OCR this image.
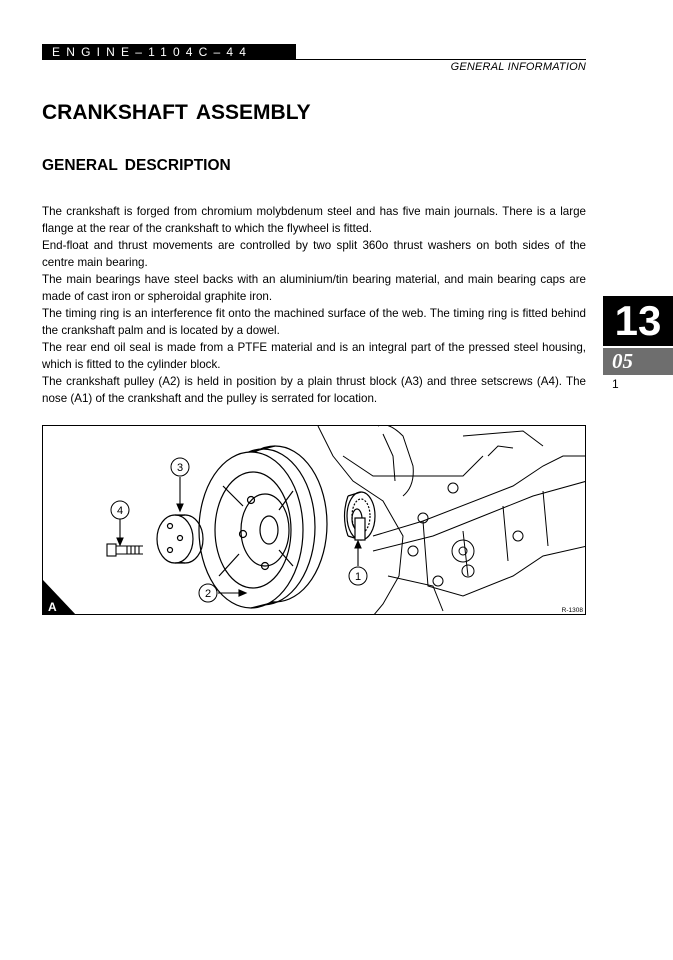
ENGINE–1104C–44
GENERAL INFORMATION
CRANKSHAFT ASSEMBLY
GENERAL DESCRIPTION

The crankshaft is forged from chromium molybdenum steel and has five main journals. There is a large flange at the rear of the crankshaft to which the flywheel is fitted.

End-float and thrust movements are controlled by two split 360o thrust washers on both sides of the centre main bearing.

The main bearings have steel backs with an aluminium/tin bearing material, and main bearing caps are made of cast iron or spheroidal graphite iron.

The timing ring is an interference fit onto the machined surface of the web. The timing ring is fitted behind the crankshaft palm and is located by a dowel.

The rear end oil seal is made from a PTFE material and is an integral part of the pressed steel housing, which is fitted to the cylinder block.

The crankshaft pulley (A2) is held in position by a plain thrust block (A3) and three setscrews (A4). The nose (A1) of the crankshaft and the pulley is serrated for location.

13
05
1
1
2
3
4
A	R-1308
